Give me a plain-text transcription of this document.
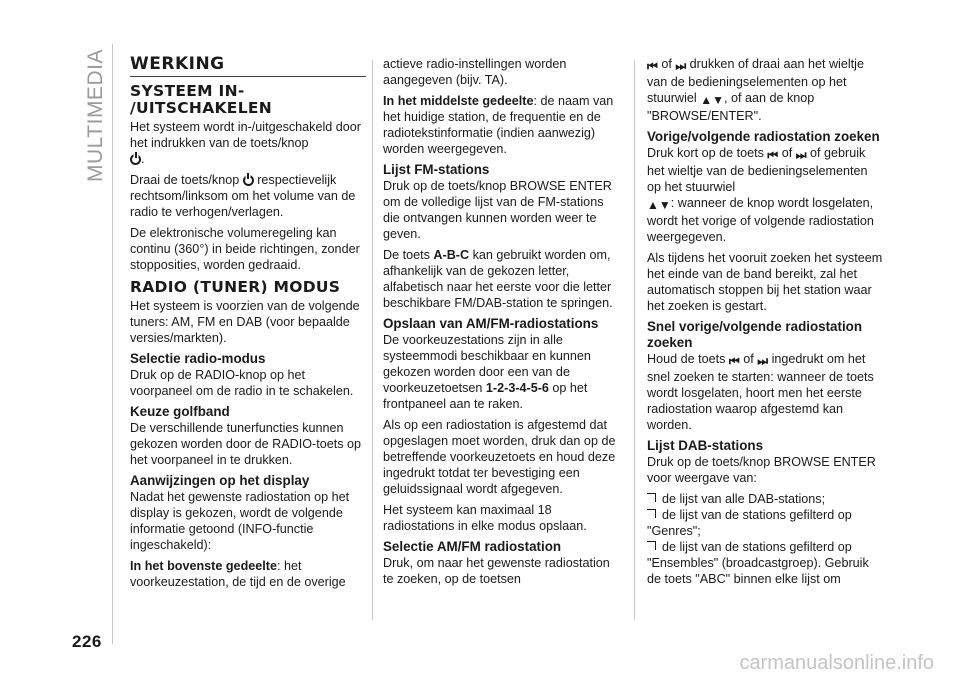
MULTIMEDIA
226
carmanualsonline.info
WERKING
SYSTEEM IN-
/UITSCHAKELEN

Het systeem wordt in-/uitgeschakeld door het indrukken van de toets/knop
.

Draai de toets/knop respectievelijk rechtsom/linksom om het volume van de radio te verhogen/verlagen.

De elektronische volumeregeling kan continu (360°) in beide richtingen, zonder stopposities, worden gedraaid.

RADIO (TUNER) MODUS

Het systeem is voorzien van de volgende tuners: AM, FM en DAB (voor bepaalde versies/markten).

Selectie radio-modus

Druk op de RADIO-knop op het voorpaneel om de radio in te schakelen.

Keuze golfband

De verschillende tunerfuncties kunnen gekozen worden door de RADIO-toets op het voorpaneel in te drukken.

Aanwijzingen op het display

Nadat het gewenste radiostation op het display is gekozen, wordt de volgende informatie getoond (INFO-functie ingeschakeld):

In het bovenste gedeelte: het voorkeuzestation, de tijd en de overige

actieve radio-instellingen worden aangegeven (bijv. TA).

In het middelste gedeelte: de naam van het huidige station, de frequentie en de radiotekstinformatie (indien aanwezig) worden weergegeven.

Lijst FM-stations

Druk op de toets/knop BROWSE ENTER om de volledige lijst van de FM-stations die ontvangen kunnen worden weer te geven.

De toets A-B-C kan gebruikt worden om, afhankelijk van de gekozen letter, alfabetisch naar het eerste voor die letter beschikbare FM/DAB-station te springen.

Opslaan van AM/FM-radiostations

De voorkeuzestations zijn in alle systeemmodi beschikbaar en kunnen gekozen worden door een van de voorkeuzetoetsen 1-2-3-4-5-6 op het frontpaneel aan te raken.

Als op een radiostation is afgestemd dat opgeslagen moet worden, druk dan op de betreffende voorkeuzetoets en houd deze ingedrukt totdat ter bevestiging een geluidssignaal wordt afgegeven.

Het systeem kan maximaal 18 radiostations in elke modus opslaan.

Selectie AM/FM radiostation

Druk, om naar het gewenste radiostation te zoeken, op de toetsen

⏮ of ⏭ drukken of draai aan het wieltje van de bedieningselementen op het stuurwiel ▲▼, of aan de knop "BROWSE/ENTER".

Vorige/volgende radiostation zoeken

Druk kort op de toets ⏮ of ⏭ of gebruik het wieltje van de bedieningselementen op het stuurwiel
▲▼: wanneer de knop wordt losgelaten, wordt het vorige of volgende radiostation weergegeven.

Als tijdens het vooruit zoeken het systeem het einde van de band bereikt, zal het automatisch stoppen bij het station waar het zoeken is gestart.

Snel vorige/volgende radiostation zoeken

Houd de toets ⏮ of ⏭ ingedrukt om het snel zoeken te starten: wanneer de toets wordt losgelaten, hoort men het eerste radiostation waarop afgestemd kan worden.

Lijst DAB-stations

Druk op de toets/knop BROWSE ENTER voor weergave van:

de lijst van alle DAB-stations;

de lijst van de stations gefilterd op "Genres";

de lijst van de stations gefilterd op "Ensembles" (broadcastgroep). Gebruik de toets "ABC" binnen elke lijst om
